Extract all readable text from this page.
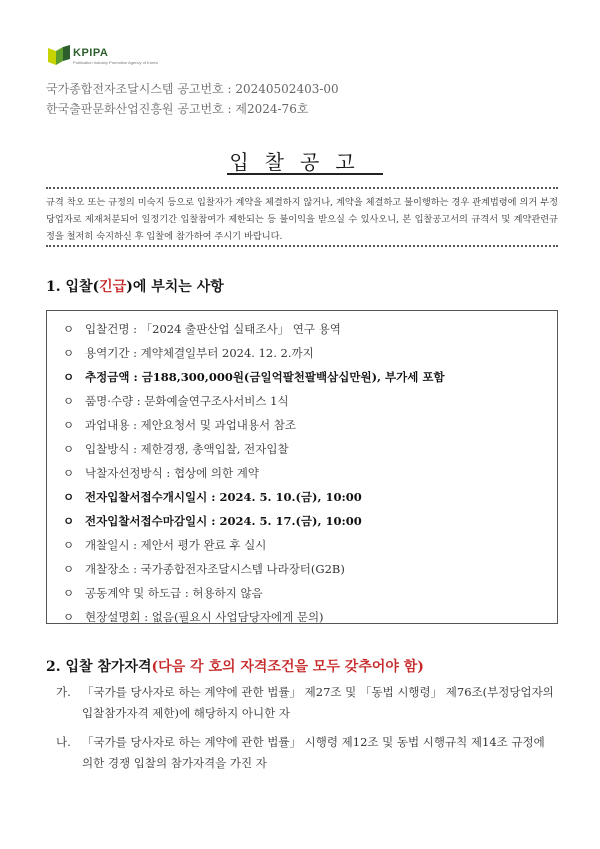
KPIPA
Publication Industry Promotion Agency of Korea
국가종합전자조달시스템 공고번호 : 20240502403-00
한국출판문화산업진흥원 공고번호 : 제2024-76호
입찰공고

규격 착오 또는 규정의 미숙지 등으로 입찰자가 계약을 체결하지 않거나, 계약을 체결하고 불이행하는 경우 관계법령에 의거 부정당업자로 제재처분되어 일정기간 입찰참여가 제한되는 등 불이익을 받으실 수 있사오니, 본 입찰공고서의 규격서 및 계약관련규정을 철저히 숙지하신 후 입찰에 참가하여 주시기 바랍니다.

1. 입찰(긴급)에 부치는 사항
ㅇ 입찰건명 : 「2024 출판산업 실태조사」 연구 용역
ㅇ 용역기간 : 계약체결일부터 2024. 12. 2.까지
ㅇ 추정금액 : 금188,300,000원(금일억팔천팔백삼십만원), 부가세 포함
ㅇ 품명·수량 : 문화예술연구조사서비스 1식
ㅇ 과업내용 : 제안요청서 및 과업내용서 참조
ㅇ 입찰방식 : 제한경쟁, 총액입찰, 전자입찰
ㅇ 낙찰자선정방식 : 협상에 의한 계약
ㅇ 전자입찰서접수개시일시 : 2024. 5. 10.(금), 10:00
ㅇ 전자입찰서접수마감일시 : 2024. 5. 17.(금), 10:00
ㅇ 개찰일시 : 제안서 평가 완료 후 실시
ㅇ 개찰장소 : 국가종합전자조달시스템 나라장터(G2B)
ㅇ 공동계약 및 하도급 : 허용하지 않음
ㅇ 현장설명회 : 없음(필요시 사업담당자에게 문의)
2. 입찰 참가자격(다음 각 호의 자격조건을 모두 갖추어야 함)
가. 「국가를 당사자로 하는 계약에 관한 법률」 제27조 및 「동법 시행령」 제76조(부정당업자의 입찰참가자격 제한)에 해당하지 아니한 자
나. 「국가를 당사자로 하는 계약에 관한 법률」 시행령 제12조 및 동법 시행규칙 제14조 규정에 의한 경쟁 입찰의 참가자격을 가진 자
